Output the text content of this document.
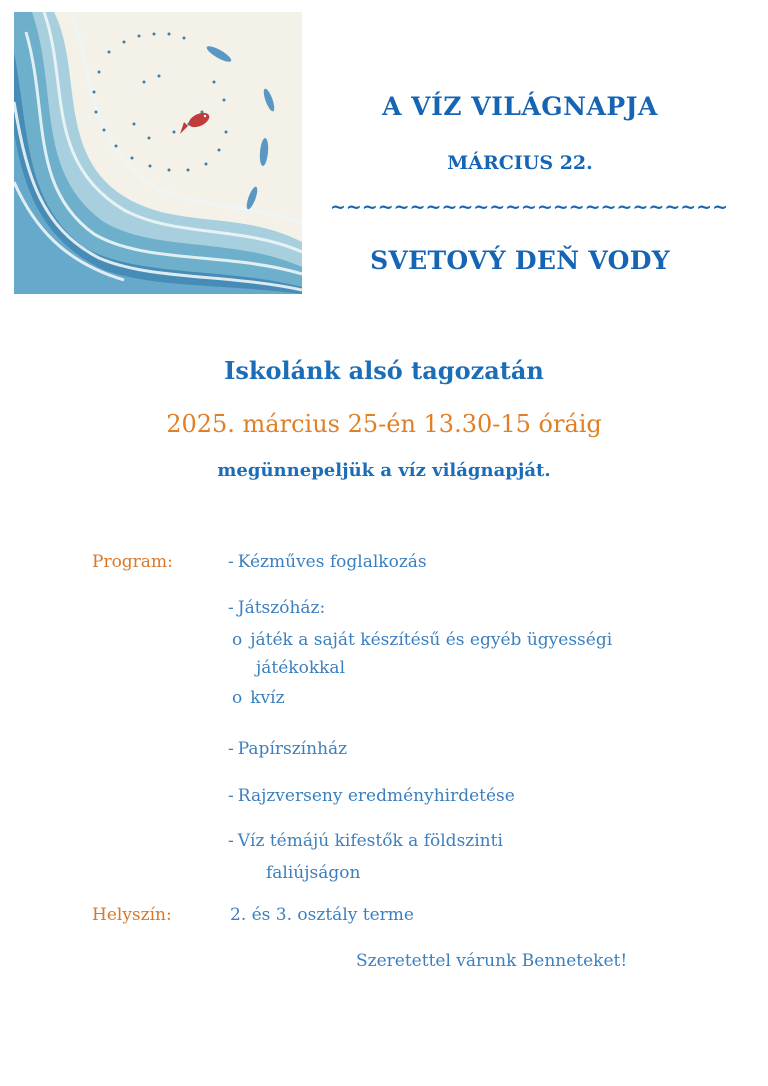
A VÍZ VILÁGNAPJA
MÁRCIUS 22.
~~~~~~~~~~~~~~~~~~~~~~~~~
SVETOVÝ DEŇ VODY
Iskolánk alsó tagozatán
2025. március 25-én 13.30-15 óráig
megünnepeljük a víz világnapját.
Program:	- Kézműves foglalkozás
- Játszóház:
o játék a saját készítésű és egyéb ügyességi
játékokkal
o kvíz
- Papírszínház
- Rajzverseny eredményhirdetése
- Víz témájú kifestők a földszinti
faliújságon
Helyszín:	2. és 3. osztály terme
Szeretettel várunk Benneteket!
